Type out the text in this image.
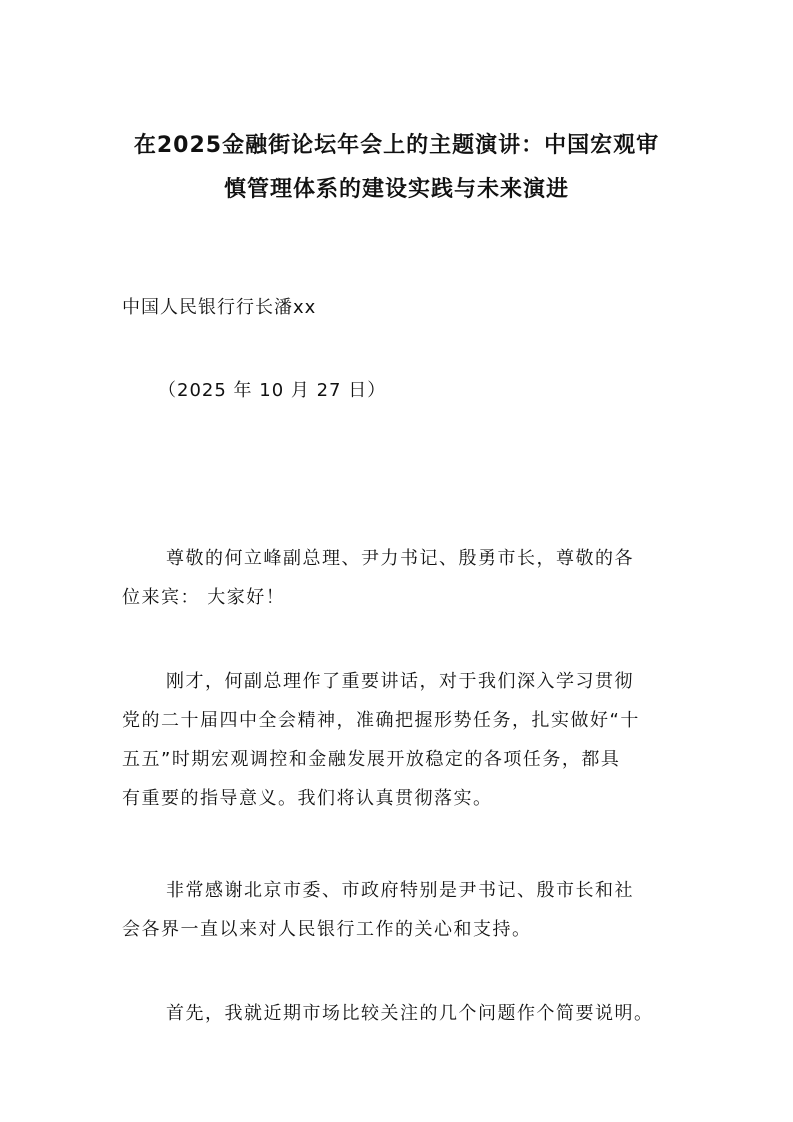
在2025金融街论坛年会上的主题演讲：中国宏观审
慎管理体系的建设实践与未来演进
中国人民银行行长潘xx
（2025 年 10 月 27 日）
尊敬的何立峰副总理、尹力书记、殷勇市长，尊敬的各
位来宾： 大家好！
刚才，何副总理作了重要讲话，对于我们深入学习贯彻
党的二十届四中全会精神，准确把握形势任务，扎实做好“十
五五”时期宏观调控和金融发展开放稳定的各项任务，都具
有重要的指导意义。我们将认真贯彻落实。
非常感谢北京市委、市政府特别是尹书记、殷市长和社
会各界一直以来对人民银行工作的关心和支持。
首先，我就近期市场比较关注的几个问题作个简要说明。
